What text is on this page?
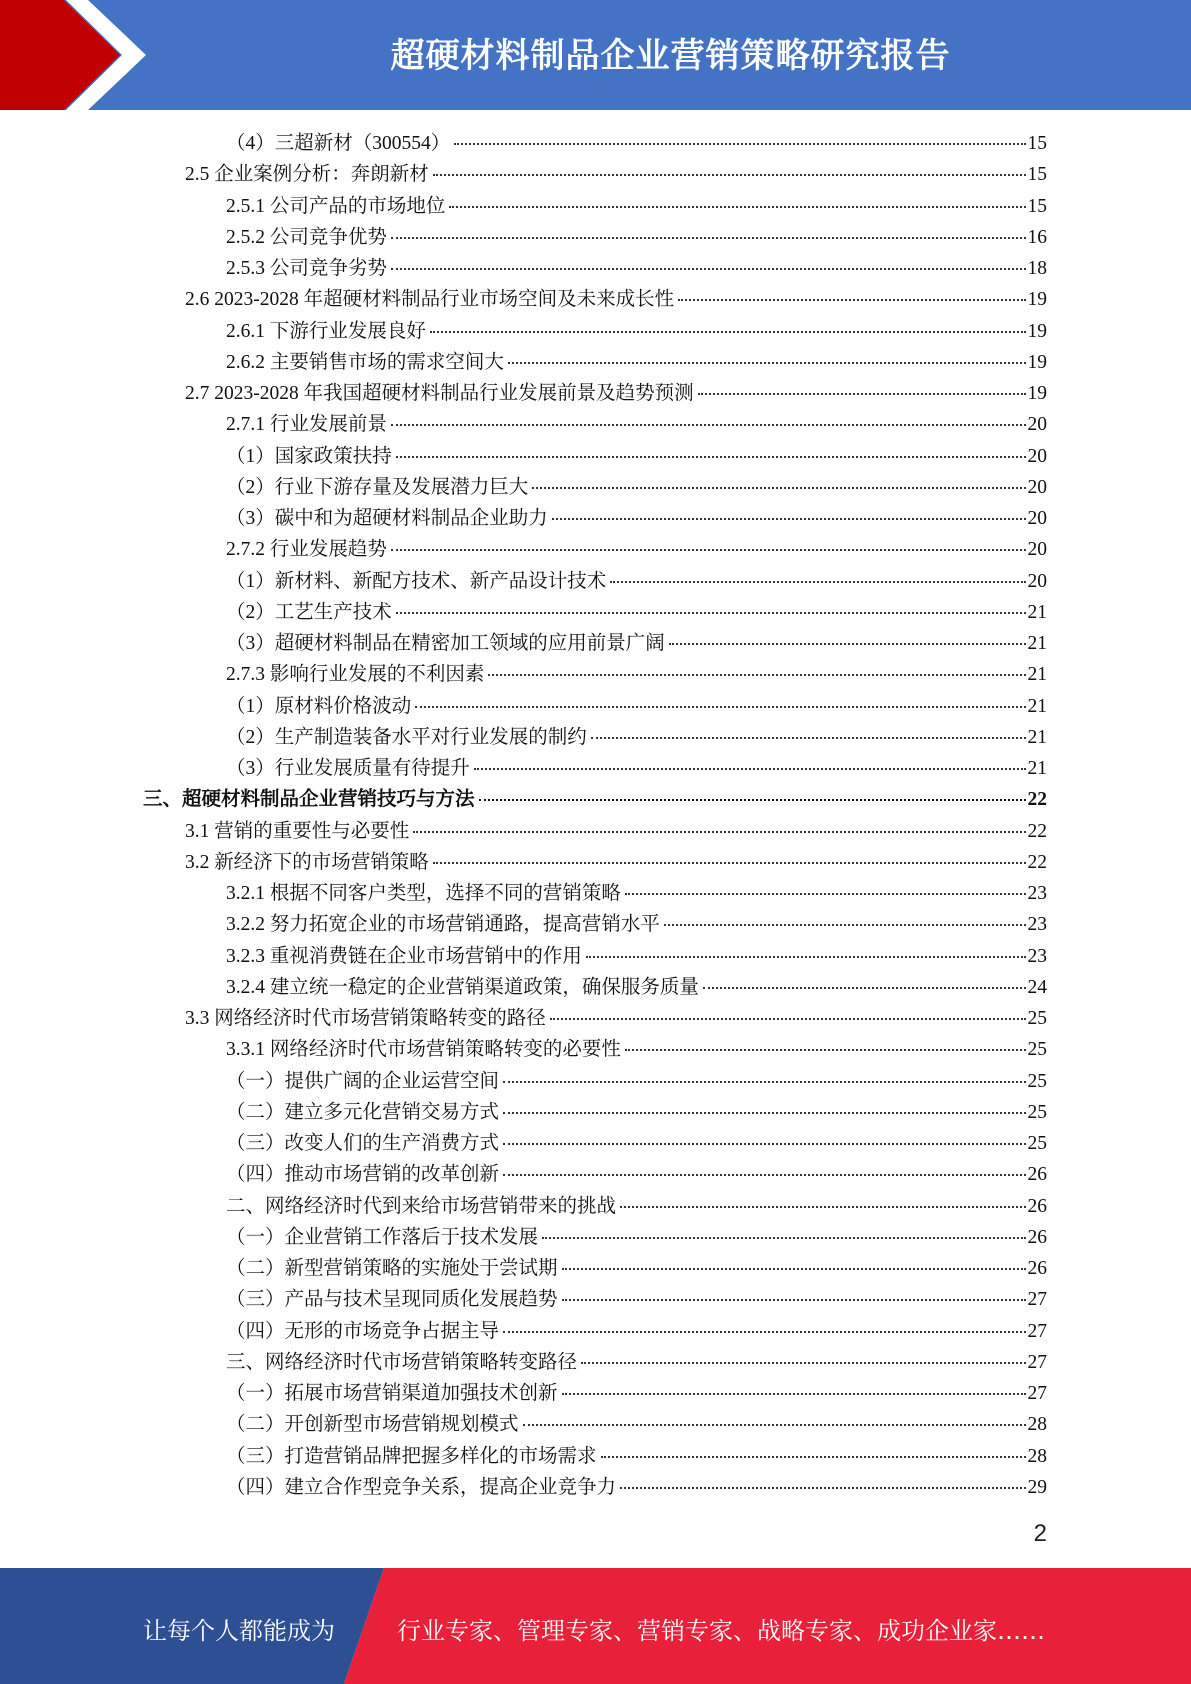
超硬材料制品企业营销策略研究报告
（4）三超新材（300554）	15
2.5 企业案例分析：奔朗新材	15
2.5.1 公司产品的市场地位	15
2.5.2 公司竞争优势	16
2.5.3 公司竞争劣势	18
2.6 2023-2028 年超硬材料制品行业市场空间及未来成长性	19
2.6.1 下游行业发展良好	19
2.6.2 主要销售市场的需求空间大	19
2.7 2023-2028 年我国超硬材料制品行业发展前景及趋势预测	19
2.7.1 行业发展前景	20
（1）国家政策扶持	20
（2）行业下游存量及发展潜力巨大	20
（3）碳中和为超硬材料制品企业助力	20
2.7.2 行业发展趋势	20
（1）新材料、新配方技术、新产品设计技术	20
（2）工艺生产技术	21
（3）超硬材料制品在精密加工领域的应用前景广阔	21
2.7.3 影响行业发展的不利因素	21
（1）原材料价格波动	21
（2）生产制造装备水平对行业发展的制约	21
（3）行业发展质量有待提升	21
三、超硬材料制品企业营销技巧与方法	22
3.1 营销的重要性与必要性	22
3.2 新经济下的市场营销策略	22
3.2.1 根据不同客户类型，选择不同的营销策略	23
3.2.2 努力拓宽企业的市场营销通路，提高营销水平	23
3.2.3 重视消费链在企业市场营销中的作用	23
3.2.4 建立统一稳定的企业营销渠道政策，确保服务质量	24
3.3 网络经济时代市场营销策略转变的路径	25
3.3.1 网络经济时代市场营销策略转变的必要性	25
（一）提供广阔的企业运营空间	25
（二）建立多元化营销交易方式	25
（三）改变人们的生产消费方式	25
（四）推动市场营销的改革创新	26
二、网络经济时代到来给市场营销带来的挑战	26
（一）企业营销工作落后于技术发展	26
（二）新型营销策略的实施处于尝试期	26
（三）产品与技术呈现同质化发展趋势	27
（四）无形的市场竞争占据主导	27
三、网络经济时代市场营销策略转变路径	27
（一）拓展市场营销渠道加强技术创新	27
（二）开创新型市场营销规划模式	28
（三）打造营销品牌把握多样化的市场需求	28
（四）建立合作型竞争关系，提高企业竞争力	29
2
让每个人都能成为	行业专家、管理专家、营销专家、战略专家、成功企业家……
